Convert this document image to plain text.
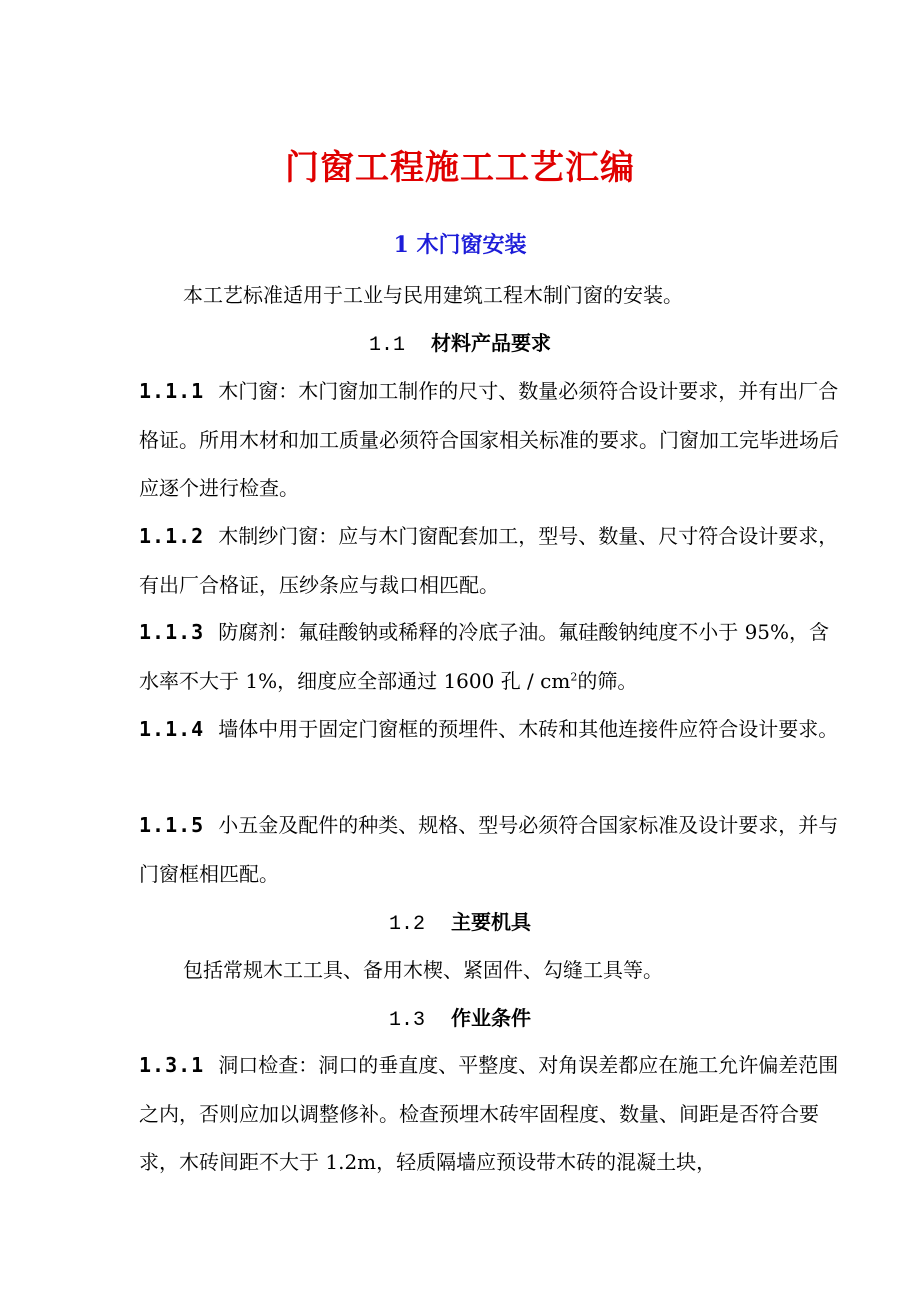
门窗工程施工工艺汇编
1 木门窗安装

本工艺标准适用于工业与民用建筑工程木制门窗的安装。

1.1 材料产品要求

1.1.1 木门窗：木门窗加工制作的尺寸、数量必须符合设计要求，并有出厂合格证。所用木材和加工质量必须符合国家相关标准的要求。门窗加工完毕进场后应逐个进行检查。

1.1.2 木制纱门窗：应与木门窗配套加工，型号、数量、尺寸符合设计要求，有出厂合格证，压纱条应与裁口相匹配。

1.1.3 防腐剂：氟硅酸钠或稀释的冷底子油。氟硅酸钠纯度不小于 95%，含水率不大于 1%，细度应全部通过 1600 孔 / $cm^2$的筛。

1.1.4 墙体中用于固定门窗框的预埋件、木砖和其他连接件应符合设计要求。

1.1.5 小五金及配件的种类、规格、型号必须符合国家标准及设计要求，并与门窗框相匹配。

1.2 主要机具

包括常规木工工具、备用木楔、紧固件、勾缝工具等。

1.3 作业条件

1.3.1 洞口检查：洞口的垂直度、平整度、对角误差都应在施工允许偏差范围之内，否则应加以调整修补。检查预埋木砖牢固程度、数量、间距是否符合要求，木砖间距不大于 1.2m，轻质隔墙应预设带木砖的混凝土块，
